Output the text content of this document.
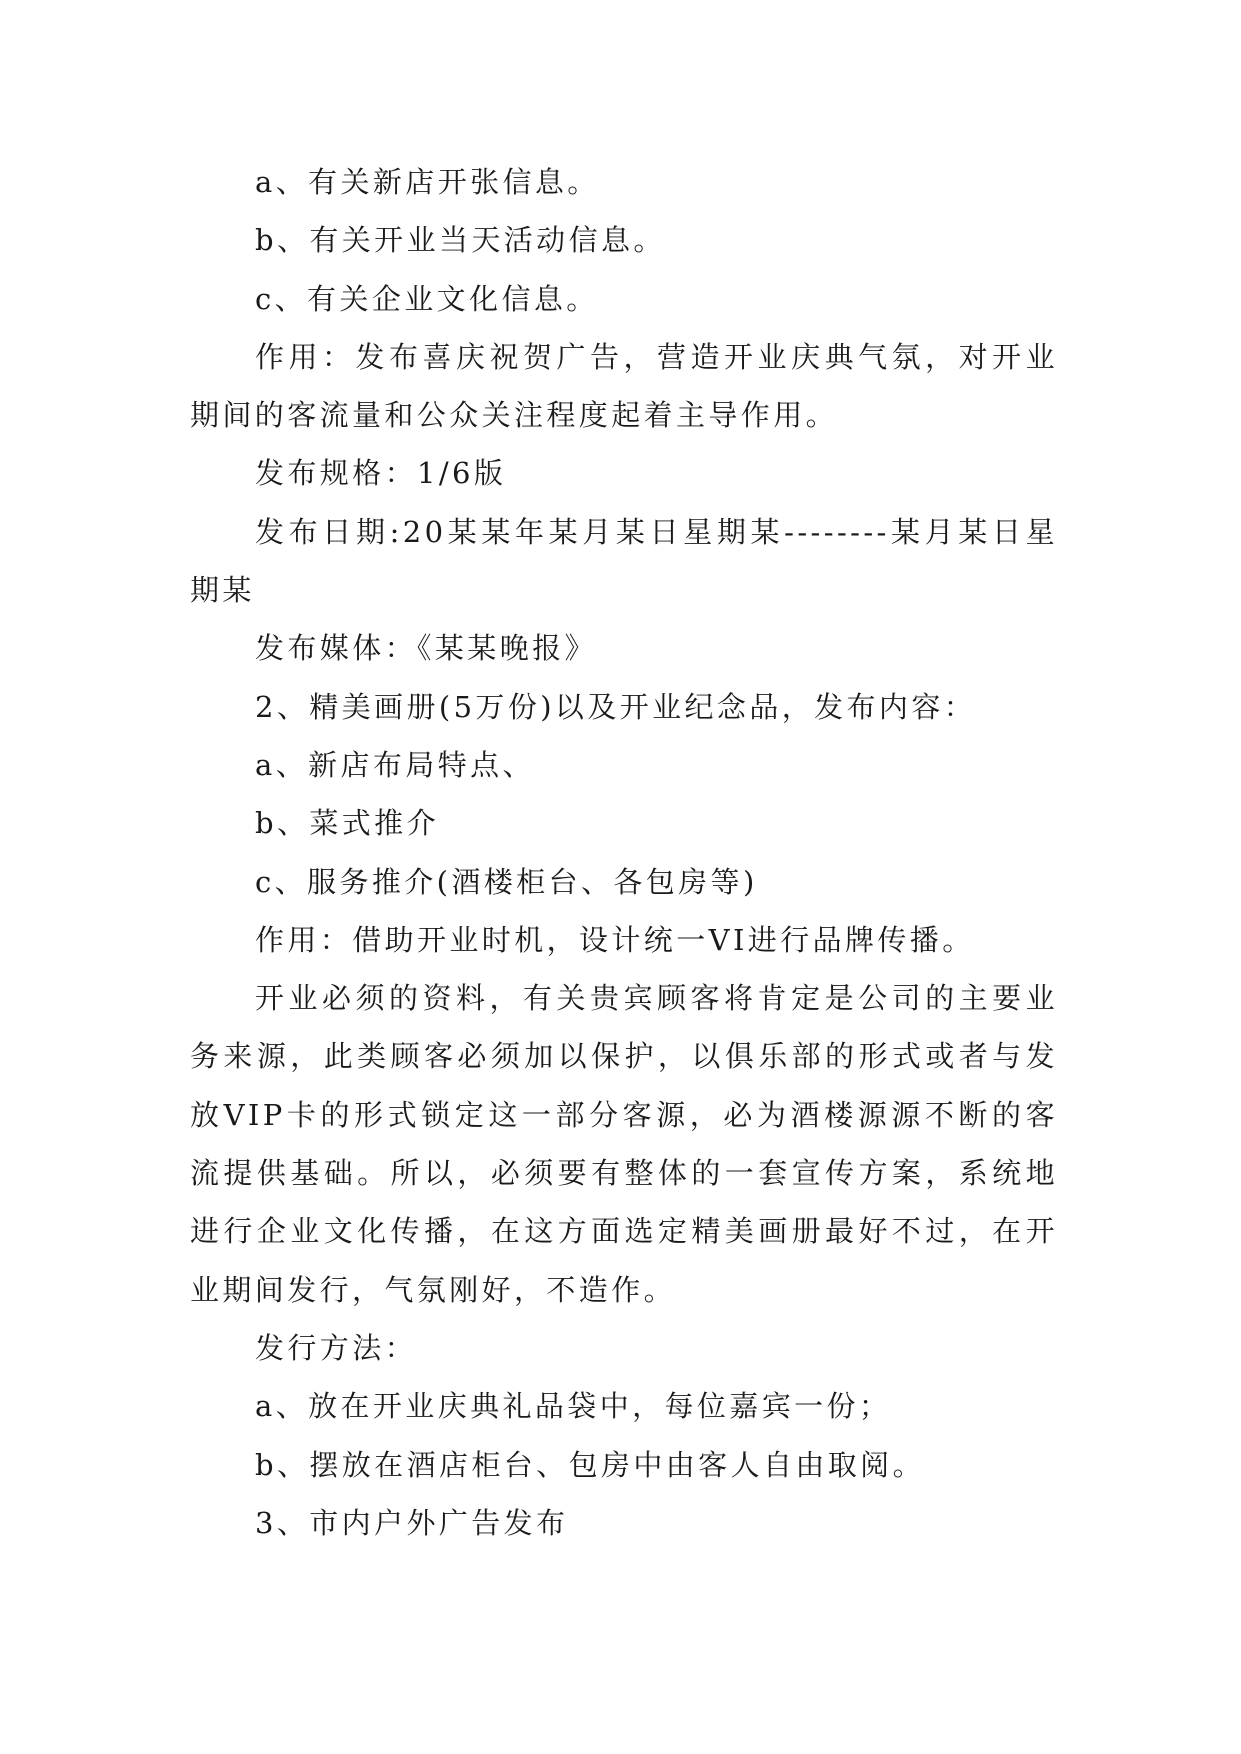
a、有关新店开张信息。

b、有关开业当天活动信息。

c、有关企业文化信息。

作用：发布喜庆祝贺广告，营造开业庆典气氛，对开业期间的客流量和公众关注程度起着主导作用。

发布规格：1/6版

发布日期:20某某年某月某日星期某--------某月某日星期某

发布媒体：《某某晚报》

2、精美画册(5万份)以及开业纪念品，发布内容：

a、新店布局特点、

b、菜式推介

c、服务推介(酒楼柜台、各包房等)

作用：借助开业时机，设计统一VI进行品牌传播。

开业必须的资料，有关贵宾顾客将肯定是公司的主要业务来源，此类顾客必须加以保护，以俱乐部的形式或者与发放VIP卡的形式锁定这一部分客源，必为酒楼源源不断的客流提供基础。所以，必须要有整体的一套宣传方案，系统地进行企业文化传播，在这方面选定精美画册最好不过，在开业期间发行，气氛刚好，不造作。

发行方法：

a、放在开业庆典礼品袋中，每位嘉宾一份；

b、摆放在酒店柜台、包房中由客人自由取阅。

3、市内户外广告发布
